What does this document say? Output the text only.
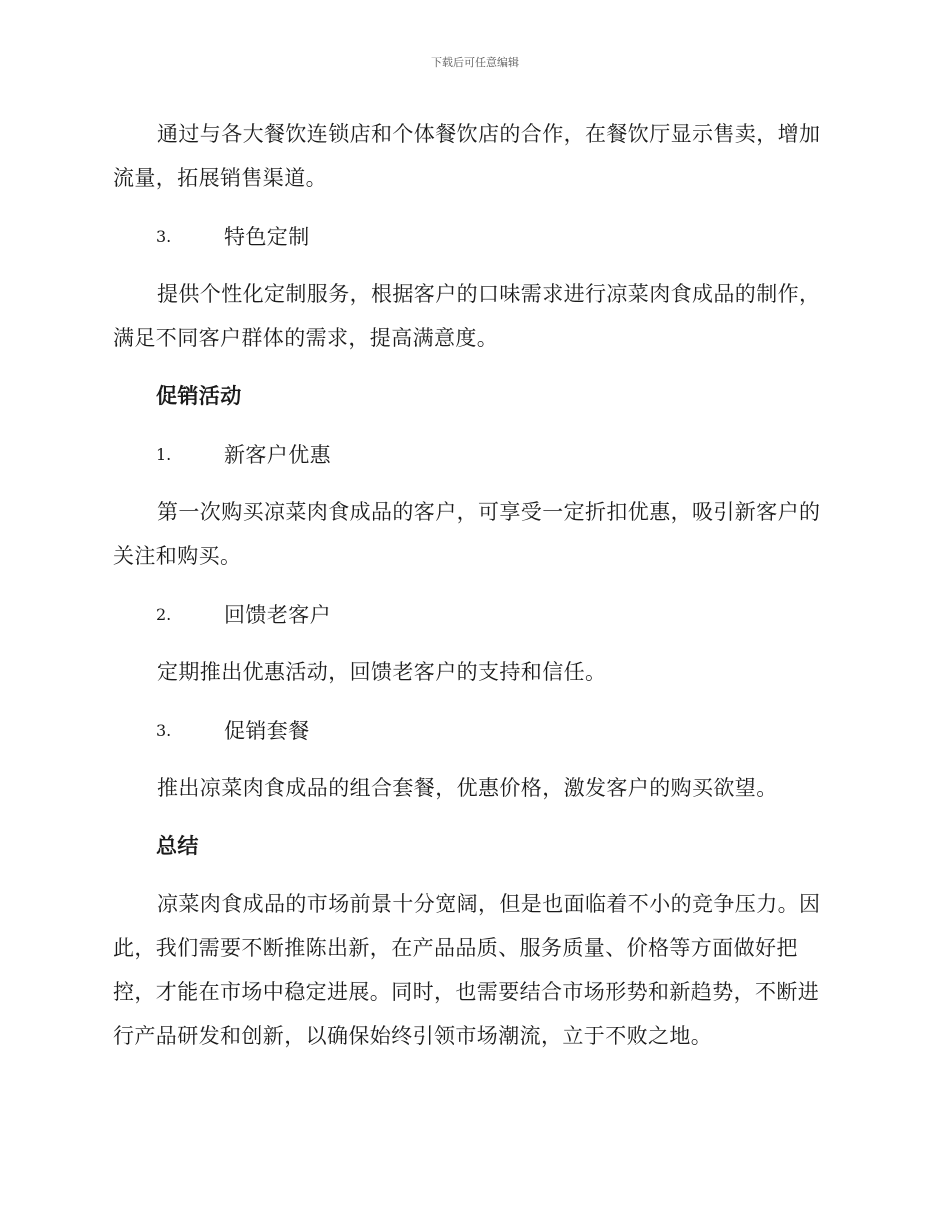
下载后可任意编辑

通过与各大餐饮连锁店和个体餐饮店的合作，在餐饮厅显示售卖，增加流量，拓展销售渠道。

3.	特色定制

提供个性化定制服务，根据客户的口味需求进行凉菜肉食成品的制作，满足不同客户群体的需求，提高满意度。

促销活动
1.	新客户优惠

第一次购买凉菜肉食成品的客户，可享受一定折扣优惠，吸引新客户的关注和购买。

2.	回馈老客户

定期推出优惠活动，回馈老客户的支持和信任。

3.	促销套餐

推出凉菜肉食成品的组合套餐，优惠价格，激发客户的购买欲望。

总结

凉菜肉食成品的市场前景十分宽阔，但是也面临着不小的竞争压力。因此，我们需要不断推陈出新，在产品品质、服务质量、价格等方面做好把控，才能在市场中稳定进展。同时，也需要结合市场形势和新趋势，不断进行产品研发和创新，以确保始终引领市场潮流，立于不败之地。
